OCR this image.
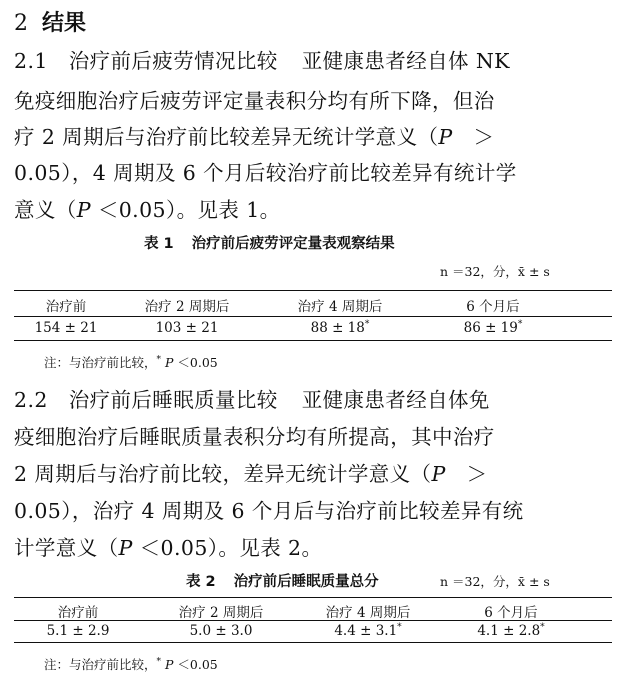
2 结果
2.1　治疗前后疲劳情况比较 亚健康患者经自体 NK
免疫细胞治疗后疲劳评定量表积分均有所下降，但治
疗 2 周期后与治疗前比较差异无统计学意义（P　 ＞
0.05），4 周期及 6 个月后较治疗前比较差异有统计学
意义（P ＜0.05）。见表 1。
表 1 治疗前后疲劳评定量表观察结果
n ＝32，分，x̄ ± s
治疗前	治疗 2 周期后	治疗 4 周期后	6 个月后
154 ± 21	103 ± 21	88 ± 18*	86 ± 19*
注：与治疗前比较，* P ＜0.05
2.2　治疗前后睡眠质量比较 亚健康患者经自体免
疫细胞治疗后睡眠质量表积分均有所提高，其中治疗
2 周期后与治疗前比较，差异无统计学意义（P　 ＞
0.05），治疗 4 周期及 6 个月后与治疗前比较差异有统
计学意义（P ＜0.05）。见表 2。
表 2 治疗前后睡眠质量总分	n ＝32，分，x̄ ± s
治疗前	治疗 2 周期后	治疗 4 周期后	6 个月后
5.1 ± 2.9	5.0 ± 3.0	4.4 ± 3.1*	4.1 ± 2.8*
注：与治疗前比较，* P ＜0.05
